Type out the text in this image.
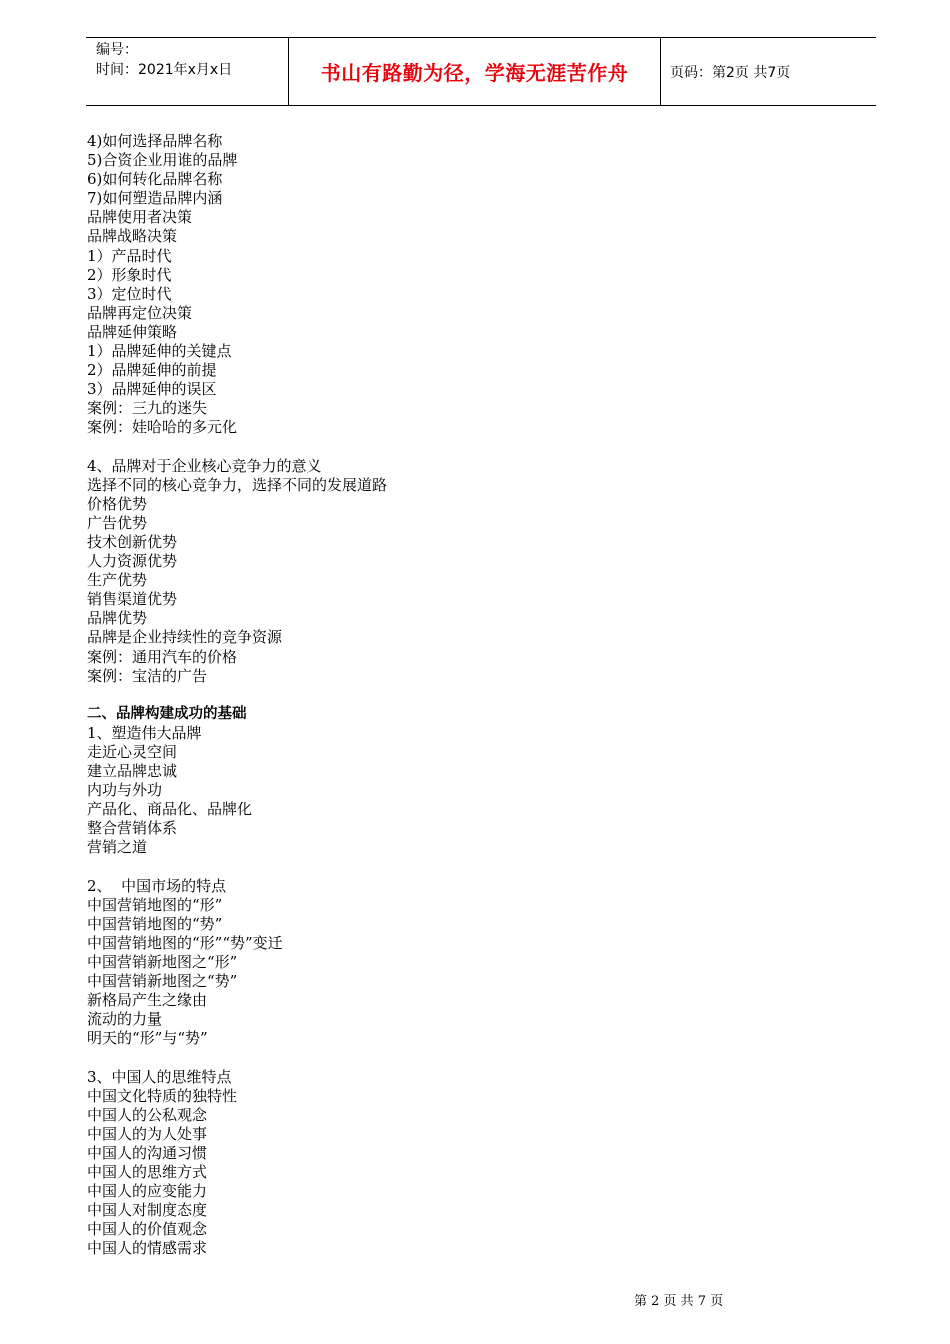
编号：
时间：2021年x月x日	书山有路勤为径，学海无涯苦作舟	页码：第2页 共7页
4)如何选择品牌名称
5)合资企业用谁的品牌
6)如何转化品牌名称
7)如何塑造品牌内涵
品牌使用者决策
品牌战略决策
1）产品时代
2）形象时代
3）定位时代
品牌再定位决策
品牌延伸策略
1）品牌延伸的关键点
2）品牌延伸的前提
3）品牌延伸的误区
案例：三九的迷失
案例：娃哈哈的多元化
4、品牌对于企业核心竞争力的意义
选择不同的核心竞争力，选择不同的发展道路
价格优势
广告优势
技术创新优势
人力资源优势
生产优势
销售渠道优势
品牌优势
品牌是企业持续性的竞争资源
案例：通用汽车的价格
案例：宝洁的广告
二、品牌构建成功的基础
1、塑造伟大品牌
走近心灵空间
建立品牌忠诚
内功与外功
产品化、商品化、品牌化
整合营销体系
营销之道
2、  中国市场的特点
中国营销地图的“形”
中国营销地图的“势”
中国营销地图的“形”“势”变迁
中国营销新地图之“形”
中国营销新地图之“势”
新格局产生之缘由
流动的力量
明天的“形”与“势”
3、中国人的思维特点
中国文化特质的独特性
中国人的公私观念
中国人的为人处事
中国人的沟通习惯
中国人的思维方式
中国人的应变能力
中国人对制度态度
中国人的价值观念
中国人的情感需求
第 2 页 共 7 页
